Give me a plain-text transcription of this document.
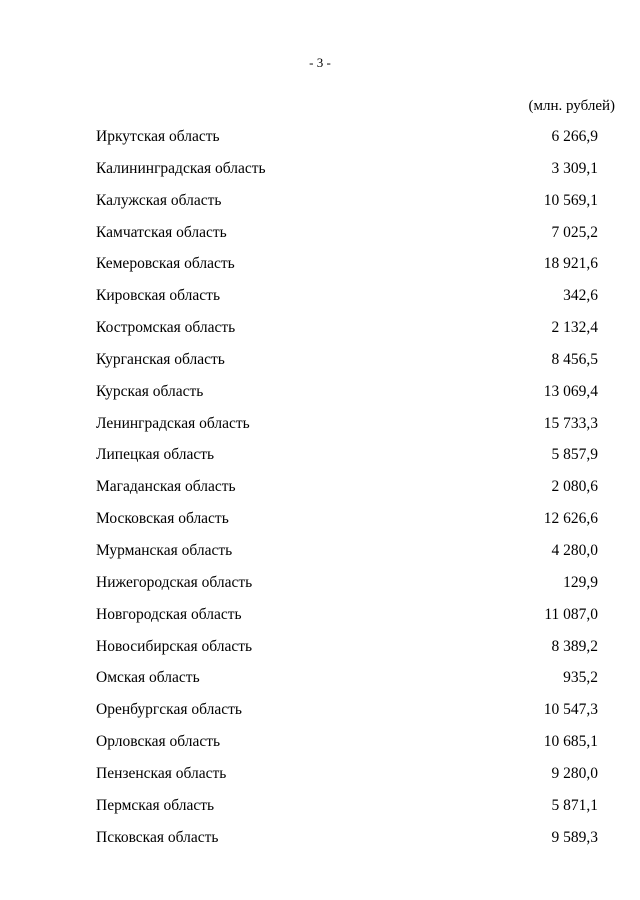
- 3 -
(млн. рублей)
Иркутская область	6 266,9
Калининградская область	3 309,1
Калужская область	10 569,1
Камчатская область	7 025,2
Кемеровская область	18 921,6
Кировская область	342,6
Костромская область	2 132,4
Курганская область	8 456,5
Курская область	13 069,4
Ленинградская область	15 733,3
Липецкая область	5 857,9
Магаданская область	2 080,6
Московская область	12 626,6
Мурманская область	4 280,0
Нижегородская область	129,9
Новгородская область	11 087,0
Новосибирская область	8 389,2
Омская область	935,2
Оренбургская область	10 547,3
Орловская область	10 685,1
Пензенская область	9 280,0
Пермская область	5 871,1
Псковская область	9 589,3
